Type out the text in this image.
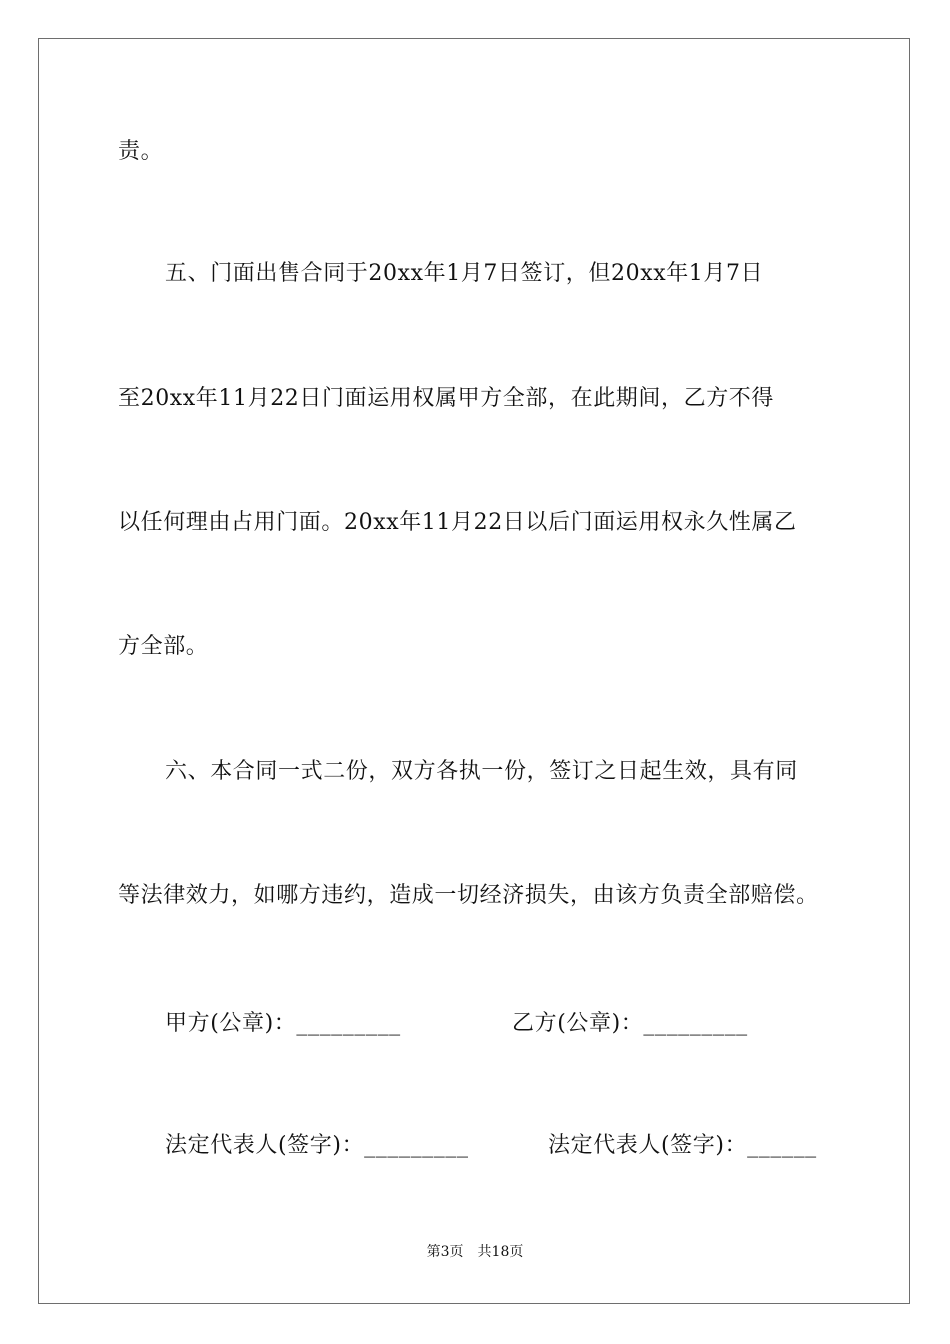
责。
五、门面出售合同于20xx年1月7日签订，但20xx年1月7日
至20xx年11月22日门面运用权属甲方全部，在此期间，乙方不得
以任何理由占用门面。20xx年11月22日以后门面运用权永久性属乙
方全部。
六、本合同一式二份，双方各执一份，签订之日起生效，具有同
等法律效力，如哪方违约，造成一切经济损失，由该方负责全部赔偿。
甲方(公章)：_________	乙方(公章)：_________
法定代表人(签字)：_________	法定代表人(签字)：______
第3页　共18页
